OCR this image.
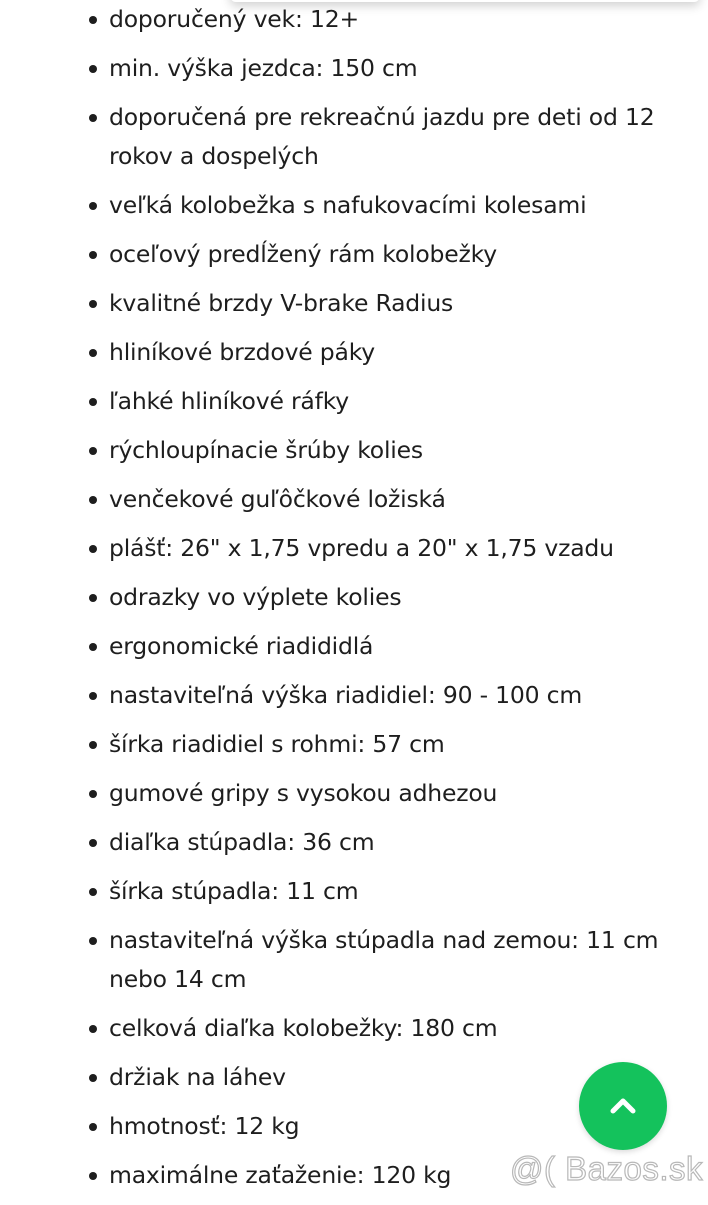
doporučený vek: 12+
min. výška jezdca: 150 cm
doporučená pre rekreačnú jazdu pre deti od 12 rokov a dospelých
veľká kolobežka s nafukovacími kolesami
oceľový predĺžený rám kolobežky
kvalitné brzdy V-brake Radius
hliníkové brzdové páky
ľahké hliníkové ráfky
rýchloupínacie šrúby kolies
venčekové guľôčkové ložiská
plášť: 26" x 1,75 vpredu a 20" x 1,75 vzadu
odrazky vo výplete kolies
ergonomické riadididlá
nastaviteľná výška riadidiel: 90 - 100 cm
šírka riadidiel s rohmi: 57 cm
gumové gripy s vysokou adhezou
diaľka stúpadla: 36 cm
šírka stúpadla: 11 cm
nastaviteľná výška stúpadla nad zemou: 11 cm nebo 14 cm
celková diaľka kolobežky: 180 cm
držiak na láhev
hmotnosť: 12 kg
maximálne zaťaženie: 120 kg	@( Bazos.sk
